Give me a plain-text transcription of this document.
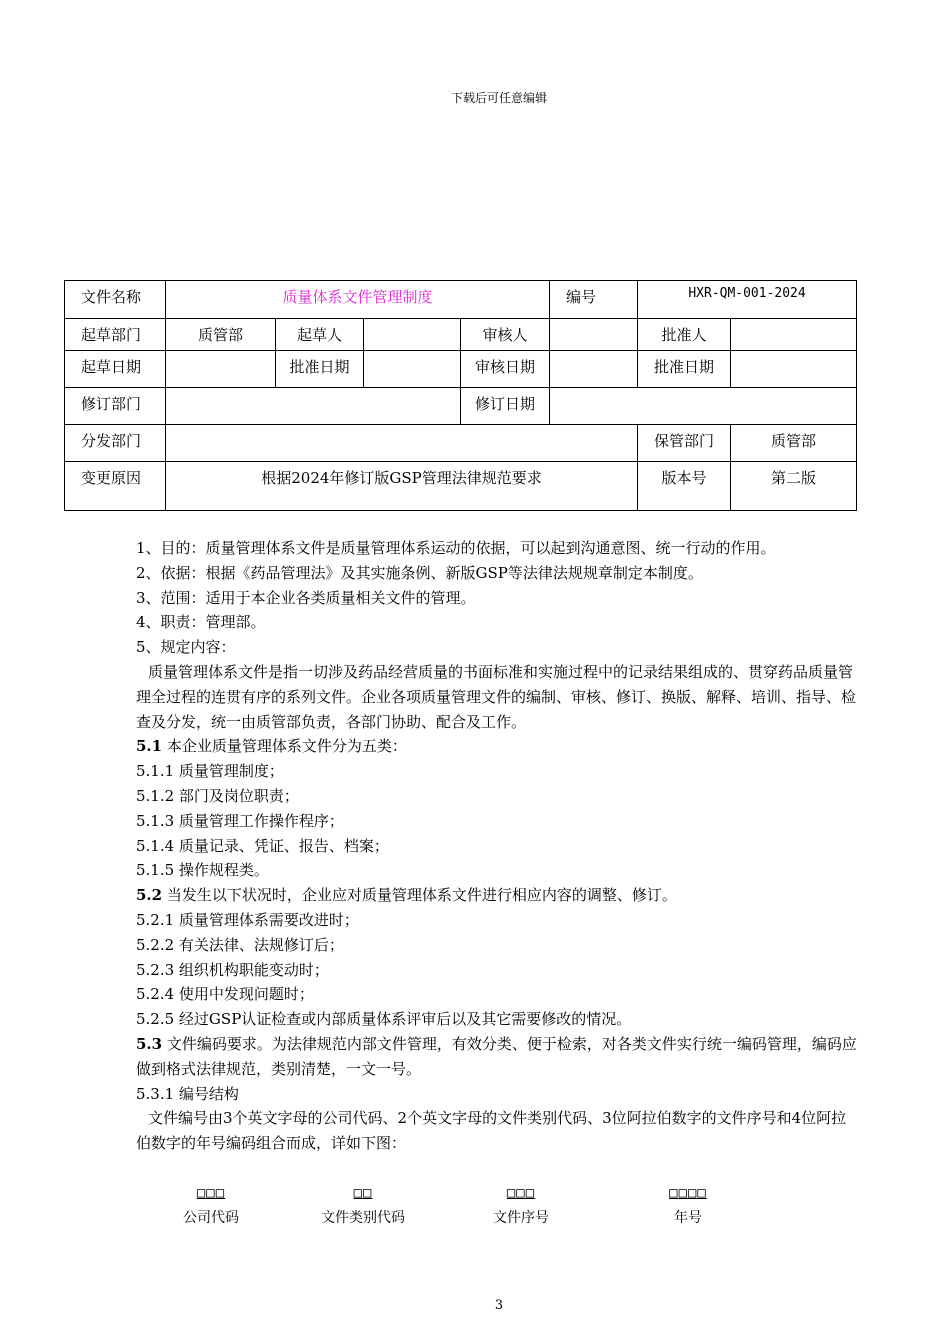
下载后可任意编辑
文件名称	质量体系文件管理制度				编号	HXR-QM-001-2024	
起草部门	质管部	起草人		审核人		批准人	
起草日期		批准日期		审核日期		批准日期	
修订部门				修订日期			
分发部门						保管部门	质管部
变更原因	根据2024年修订版GSP管理法律规范要求					版本号	第二版

1、目的：质量管理体系文件是质量管理体系运动的依据，可以起到沟通意图、统一行动的作用。

2、依据：根据《药品管理法》及其实施条例、新版GSP等法律法规规章制定本制度。

3、范围：适用于本企业各类质量相关文件的管理。

4、职责：管理部。

5、规定内容：

质量管理体系文件是指一切涉及药品经营质量的书面标准和实施过程中的记录结果组成的、贯穿药品质量管理全过程的连贯有序的系列文件。企业各项质量管理文件的编制、审核、修订、换版、解释、培训、指导、检查及分发，统一由质管部负责，各部门协助、配合及工作。

5.1 本企业质量管理体系文件分为五类：

5.1.1 质量管理制度；

5.1.2 部门及岗位职责；

5.1.3 质量管理工作操作程序；

5.1.4 质量记录、凭证、报告、档案；

5.1.5 操作规程类。

5.2 当发生以下状况时，企业应对质量管理体系文件进行相应内容的调整、修订。

5.2.1 质量管理体系需要改进时；

5.2.2 有关法律、法规修订后；

5.2.3 组织机构职能变动时；

5.2.4 使用中发现问题时；

5.2.5 经过GSP认证检查或内部质量体系评审后以及其它需要修改的情况。

5.3 文件编码要求。为法律规范内部文件管理，有效分类、便于检索，对各类文件实行统一编码管理，编码应做到格式法律规范，类别清楚，一文一号。

5.3.1 编号结构

文件编号由3个英文字母的公司代码、2个英文字母的文件类别代码、3位阿拉伯数字的文件序号和4位阿拉伯数字的年号编码组合而成，详如下图：

□□□
公司代码
□□
文件类别代码
□□□
文件序号
□□□□
年号
3
